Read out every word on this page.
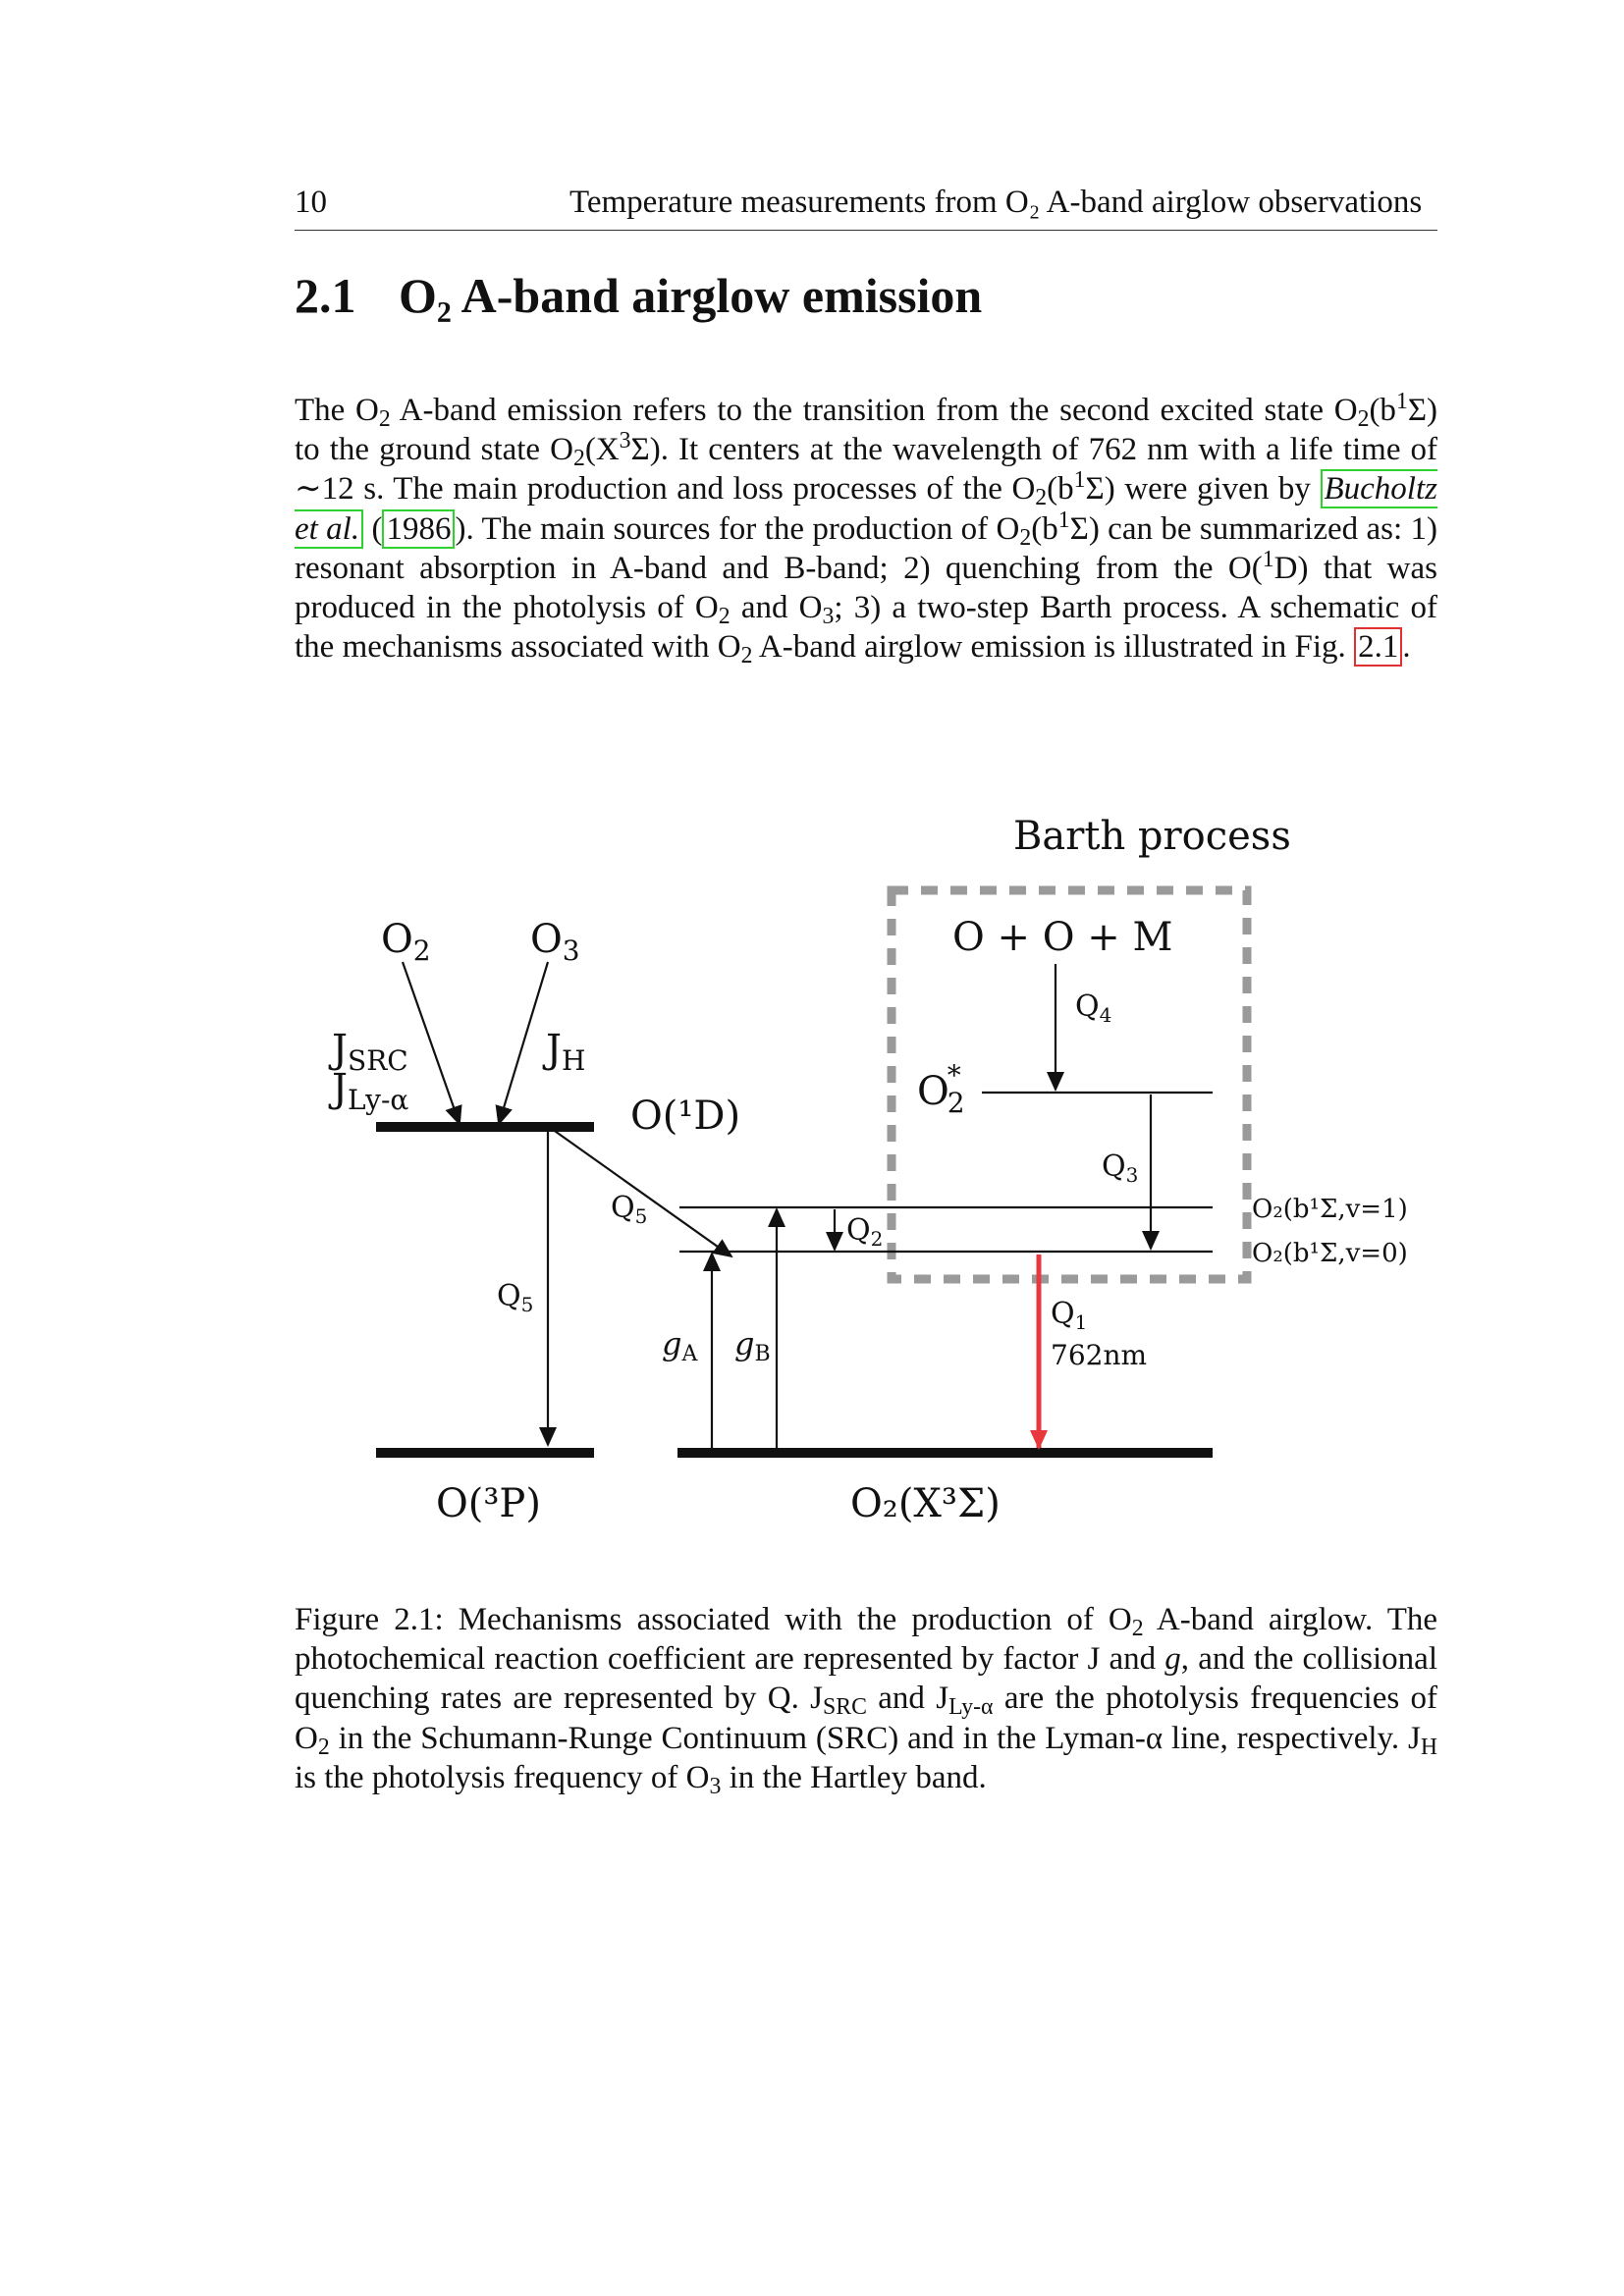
10	Temperature measurements from O₂ A-band airglow observations
2.1 O₂ A-band airglow emission
The $O_2$ A-band emission refers to the transition from the second excited state $O_2(b^1\Sigma)$ to the ground state $O_2(X^3\Sigma)$. It centers at the wavelength of 762 nm with a life time of ∼12 s. The main production and loss processes of the $O_2(b^1\Sigma)$ were given by Bucholtz et al. ( 1986 ). The main sources for the production of $O_2(b^1\Sigma)$ can be summarized as: 1) resonant absorption in A-band and B-band; 2) quenching from the O($^1$D) that was produced in the photolysis of $O_2$ and $O_3$; 3) a two-step Barth process. A schematic of the mechanisms associated with $O_2$ A-band airglow emission is illustrated in Fig. 2.1 .
Barth process
O + O + M
$O_2$	$O_3$
$J_{SRC}$
$J_{Ly-\alpha}$
$J_H$
O(¹D)
$Q_5$
$Q_5$
O(³P)	O₂(X³Σ)
O₂(b¹Σ,v=1)
O₂(b¹Σ,v=0)
O* 2
$Q_4$
$Q_3$
$Q_2$
gA gB
$Q_1$
762nm
Figure 2.1: Mechanisms associated with the production of $O_2$ A-band airglow. The photochemical reaction coefficient are represented by factor J and g, and the collisional quenching rates are represented by Q. $J_{SRC}$ and $J_{Ly-\alpha}$ are the photolysis frequencies of $O_2$ in the Schumann-Runge Continuum (SRC) and in the Lyman-α line, respectively. $J_H$ is the photolysis frequency of $O_3$ in the Hartley band.
